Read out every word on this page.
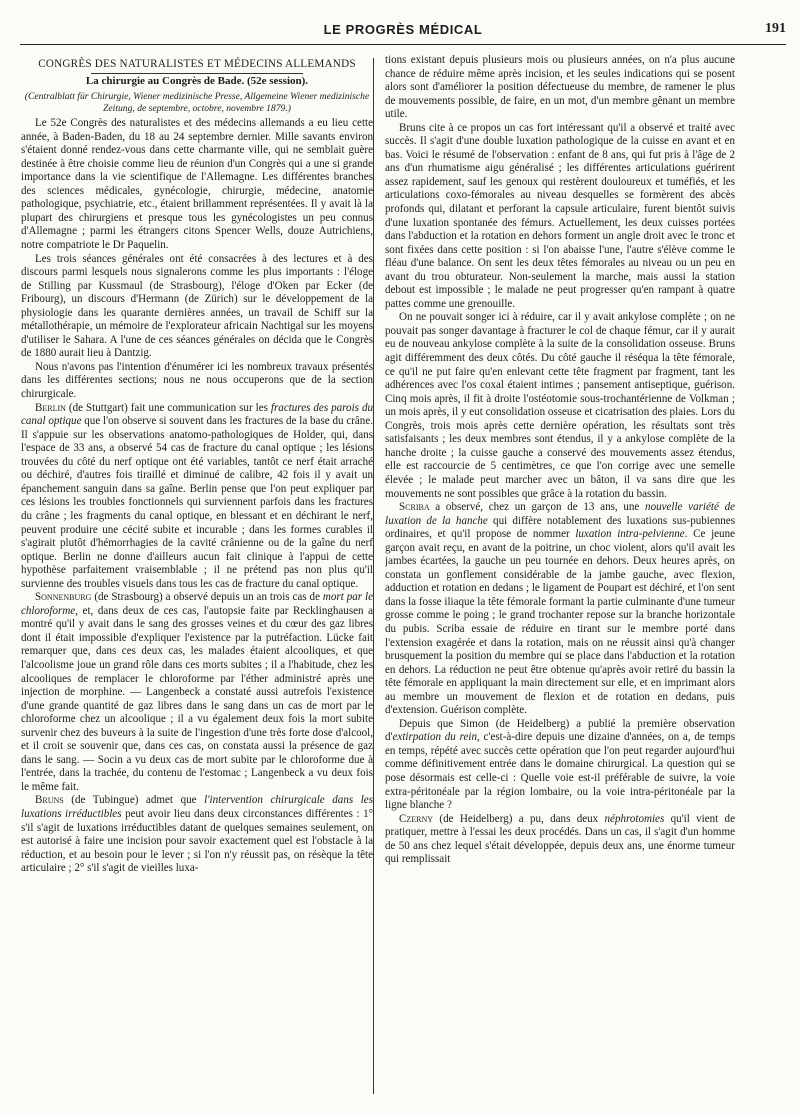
LE PROGRÈS MÉDICAL	191

CONGRÈS DES NATURALISTES ET MÉDECINS ALLEMANDS

La chirurgie au Congrès de Bade. (52e session).

(Centralblatt für Chirurgie, Wiener medizinische Presse, Allgemeine Wiener medizinische Zeitung, de septembre, octobre, novembre 1879.)

Le 52e Congrès des naturalistes et des médecins allemands a eu lieu cette année, à Baden-Baden, du 18 au 24 septembre dernier. Mille savants environ s'étaient donné rendez-vous dans cette charmante ville, qui ne semblait guère destinée à être choisie comme lieu de réunion d'un Congrès qui a une si grande importance dans la vie scientifique de l'Allemagne. Les différentes branches des sciences médicales, gynécologie, chirurgie, médecine, anatomie pathologique, psychiatrie, etc., étaient brillamment représentées. Il y avait là la plupart des chirurgiens et presque tous les gynécologistes un peu connus d'Allemagne ; parmi les étrangers citons Spencer Wells, douze Autrichiens, notre compatriote le Dr Paquelin.

Les trois séances générales ont été consacrées à des lectures et à des discours parmi lesquels nous signalerons comme les plus importants : l'éloge de Stilling par Kussmaul (de Strasbourg), l'éloge d'Oken par Ecker (de Fribourg), un discours d'Hermann (de Zürich) sur le développement de la physiologie dans les quarante dernières années, un travail de Schiff sur la métallothérapie, un mémoire de l'explorateur africain Nachtigal sur les moyens d'utiliser le Sahara. A l'une de ces séances générales on décida que le Congrès de 1880 aurait lieu à Dantzig.

Nous n'avons pas l'intention d'énumérer ici les nombreux travaux présentés dans les différentes sections; nous ne nous occuperons que de la section chirurgicale.

Berlin (de Stuttgart) fait une communication sur les fractures des parois du canal optique que l'on observe si souvent dans les fractures de la base du crâne. Il s'appuie sur les observations anatomo-pathologiques de Holder, qui, dans l'espace de 33 ans, a observé 54 cas de fracture du canal optique ; les lésions trouvées du côté du nerf optique ont été variables, tantôt ce nerf était arraché ou déchiré, d'autres fois tiraillé et diminué de calibre, 42 fois il y avait un épanchement sanguin dans sa gaîne. Berlin pense que l'on peut expliquer par ces lésions les troubles fonctionnels qui surviennent parfois dans les fractures du crâne ; les fragments du canal optique, en blessant et en déchirant le nerf, peuvent produire une cécité subite et incurable ; dans les formes curables il s'agirait plutôt d'hémorrhagies de la cavité crânienne ou de la gaîne du nerf optique. Berlin ne donne d'ailleurs aucun fait clinique à l'appui de cette hypothèse parfaitement vraisemblable ; il ne prétend pas non plus qu'il survienne des troubles visuels dans tous les cas de fracture du canal optique.

Sonnenburg (de Strasbourg) a observé depuis un an trois cas de mort par le chloroforme, et, dans deux de ces cas, l'autopsie faite par Recklinghausen a montré qu'il y avait dans le sang des grosses veines et du cœur des gaz libres dont il était impossible d'expliquer l'existence par la putréfaction. Lücke fait remarquer que, dans ces deux cas, les malades étaient alcooliques, et que l'alcoolisme joue un grand rôle dans ces morts subites ; il a l'habitude, chez les alcooliques de remplacer le chloroforme par l'éther administré après une injection de morphine. — Langenbeck a constaté aussi autrefois l'existence d'une grande quantité de gaz libres dans le sang dans un cas de mort par le chloroforme chez un alcoolique ; il a vu également deux fois la mort subite survenir chez des buveurs à la suite de l'ingestion d'une très forte dose d'alcool, et il croit se souvenir que, dans ces cas, on constata aussi la présence de gaz dans le sang. — Socin a vu deux cas de mort subite par le chloroforme due à l'entrée, dans la trachée, du contenu de l'estomac ; Langenbeck a vu deux fois le même fait.

Bruns (de Tubingue) admet que l'intervention chirurgicale dans les luxations irréductibles peut avoir lieu dans deux circonstances différentes : 1° s'il s'agit de luxations irréductibles datant de quelques semaines seulement, on est autorisé à faire une incision pour savoir exactement quel est l'obstacle à la réduction, et au besoin pour le lever ; si l'on n'y réussit pas, on résèque la tête articulaire ; 2° s'il s'agit de vieilles luxa-

tions existant depuis plusieurs mois ou plusieurs années, on n'a plus aucune chance de réduire même après incision, et les seules indications qui se posent alors sont d'améliorer la position défectueuse du membre, de ramener le plus de mouvements possible, de faire, en un mot, d'un membre gênant un membre utile.

Bruns cite à ce propos un cas fort intéressant qu'il a observé et traité avec succès. Il s'agit d'une double luxation pathologique de la cuisse en avant et en bas. Voici le résumé de l'observation : enfant de 8 ans, qui fut pris à l'âge de 2 ans d'un rhumatisme aigu généralisé ; les différentes articulations guérirent assez rapidement, sauf les genoux qui restèrent douloureux et tuméfiés, et les articulations coxo-fémorales au niveau desquelles se formèrent des abcès profonds qui, dilatant et perforant la capsule articulaire, furent bientôt suivis d'une luxation spontanée des fémurs. Actuellement, les deux cuisses portées dans l'abduction et la rotation en dehors forment un angle droit avec le tronc et sont fixées dans cette position : si l'on abaisse l'une, l'autre s'élève comme le fléau d'une balance. On sent les deux têtes fémorales au niveau ou un peu en avant du trou obturateur. Non-seulement la marche, mais aussi la station debout est impossible ; le malade ne peut progresser qu'en rampant à quatre pattes comme une grenouille.

On ne pouvait songer ici à réduire, car il y avait ankylose complète ; on ne pouvait pas songer davantage à fracturer le col de chaque fémur, car il y aurait eu de nouveau ankylose complète à la suite de la consolidation osseuse. Bruns agit différemment des deux côtés. Du côté gauche il réséqua la tête fémorale, ce qu'il ne put faire qu'en enlevant cette tête fragment par fragment, tant les adhérences avec l'os coxal étaient intimes ; pansement antiseptique, guérison. Cinq mois après, il fit à droite l'ostéotomie sous-trochantérienne de Volkman ; un mois après, il y eut consolidation osseuse et cicatrisation des plaies. Lors du Congrès, trois mois après cette dernière opération, les résultats sont très satisfaisants ; les deux membres sont étendus, il y a ankylose complète de la hanche droite ; la cuisse gauche a conservé des mouvements assez étendus, elle est raccourcie de 5 centimètres, ce que l'on corrige avec une semelle élevée ; le malade peut marcher avec un bâton, il va sans dire que les mouvements ne sont possibles que grâce à la rotation du bassin.

Scriba a observé, chez un garçon de 13 ans, une nouvelle variété de luxation de la hanche qui diffère notablement des luxations sus-pubiennes ordinaires, et qu'il propose de nommer luxation intra-pelvienne. Ce jeune garçon avait reçu, en avant de la poitrine, un choc violent, alors qu'il avait les jambes écartées, la gauche un peu tournée en dehors. Deux heures après, on constata un gonflement considérable de la jambe gauche, avec flexion, adduction et rotation en dedans ; le ligament de Poupart est déchiré, et l'on sent dans la fosse iliaque la tête fémorale formant la partie culminante d'une tumeur grosse comme le poing ; le grand trochanter repose sur la branche horizontale du pubis. Scriba essaie de réduire en tirant sur le membre porté dans l'extension exagérée et dans la rotation, mais on ne réussit ainsi qu'à changer brusquement la position du membre qui se place dans l'abduction et la rotation en dehors. La réduction ne peut être obtenue qu'après avoir retiré du bassin la tête fémorale en appliquant la main directement sur elle, et en imprimant alors au membre un mouvement de flexion et de rotation en dedans, puis d'extension. Guérison complète.

Depuis que Simon (de Heidelberg) a publié la première observation d'extirpation du rein, c'est-à-dire depuis une dizaine d'années, on a, de temps en temps, répété avec succès cette opération que l'on peut regarder aujourd'hui comme définitivement entrée dans le domaine chirurgical. La question qui se pose désormais est celle-ci : Quelle voie est-il préférable de suivre, la voie extra-péritonéale par la région lombaire, ou la voie intra-péritonéale par la ligne blanche ?

Czerny (de Heidelberg) a pu, dans deux néphrotomies qu'il vient de pratiquer, mettre à l'essai les deux procédés. Dans un cas, il s'agit d'un homme de 50 ans chez lequel s'était développée, depuis deux ans, une énorme tumeur qui remplissait
